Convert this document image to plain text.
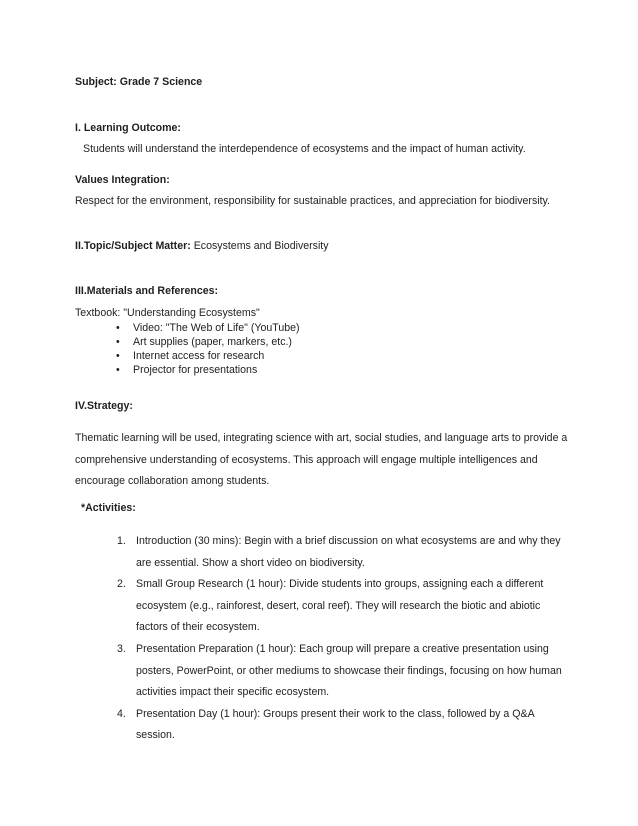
Subject: Grade 7 Science
I. Learning Outcome:
Students will understand the interdependence of ecosystems and the impact of human activity.
Values Integration:
Respect for the environment, responsibility for sustainable practices, and appreciation for biodiversity.
II.Topic/Subject Matter: Ecosystems and Biodiversity
III.Materials and References:
Textbook: "Understanding Ecosystems"
• Video: "The Web of Life" (YouTube)
• Art supplies (paper, markers, etc.)
• Internet access for research
• Projector for presentations
IV.Strategy:

Thematic learning will be used, integrating science with art, social studies, and language arts to provide a
comprehensive understanding of ecosystems. This approach will engage multiple intelligences and
encourage collaboration among students.

*Activities:
1. Introduction (30 mins): Begin with a brief discussion on what ecosystems are and why they
are essential. Show a short video on biodiversity.
2. Small Group Research (1 hour): Divide students into groups, assigning each a different
ecosystem (e.g., rainforest, desert, coral reef). They will research the biotic and abiotic
factors of their ecosystem.
3. Presentation Preparation (1 hour): Each group will prepare a creative presentation using
posters, PowerPoint, or other mediums to showcase their findings, focusing on how human
activities impact their specific ecosystem.
4. Presentation Day (1 hour): Groups present their work to the class, followed by a Q&A
session.
